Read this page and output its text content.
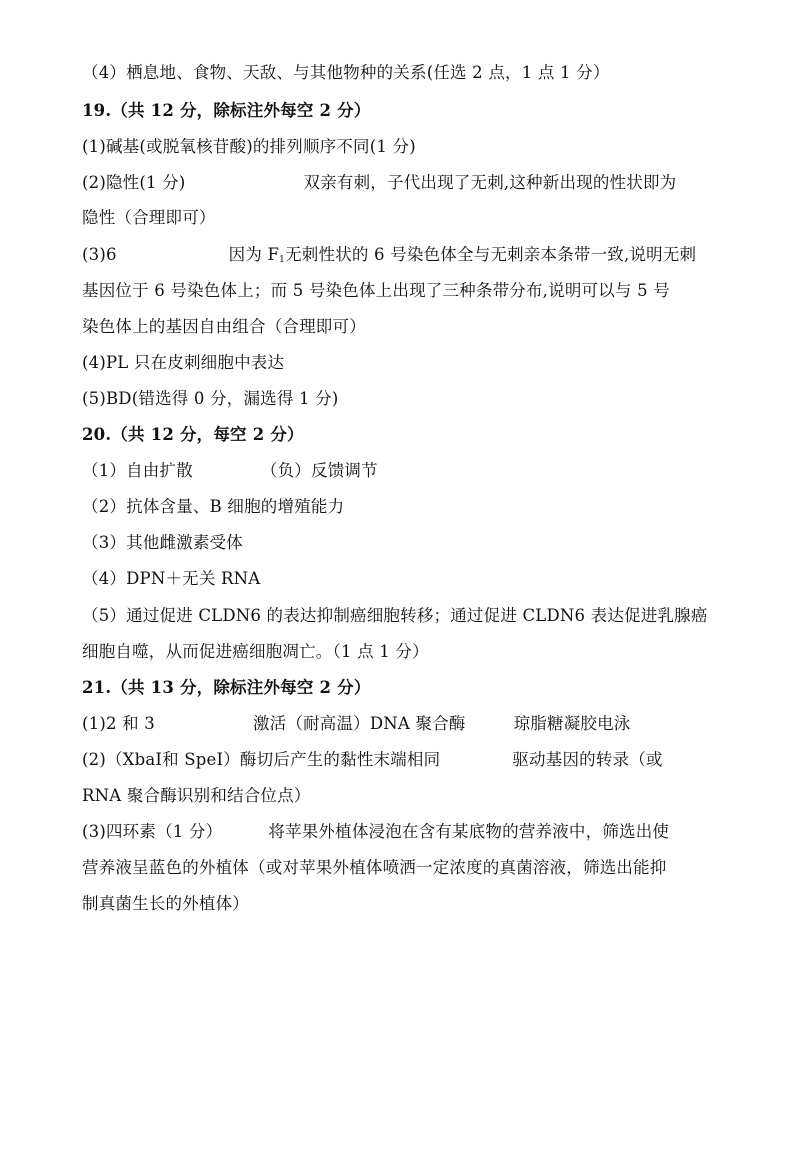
（4）栖息地、食物、天敌、与其他物种的关系(任选 2 点，1 点 1 分）
19.（共 12 分，除标注外每空 2 分）
(1)碱基(或脱氧核苷酸)的排列顺序不同(1 分)
(2)隐性(1 分)	双亲有刺，子代出现了无刺,这种新出现的性状即为
隐性（合理即可）
(3)6	因为 $F_1$无刺性状的 6 号染色体全与无刺亲本条带一致,说明无刺
基因位于 6 号染色体上；而 5 号染色体上出现了三种条带分布,说明可以与 5 号
染色体上的基因自由组合（合理即可）
(4)PL 只在皮刺细胞中表达
(5)BD(错选得 0 分，漏选得 1 分)
20.（共 12 分，每空 2 分）
（1）自由扩散	（负）反馈调节
（2）抗体含量、B 细胞的增殖能力
（3）其他雌激素受体
（4）DPN＋无关 RNA
（5）通过促进 CLDN6 的表达抑制癌细胞转移；通过促进 CLDN6 表达促进乳腺癌
细胞自噬，从而促进癌细胞凋亡。（1 点 1 分）
21.（共 13 分，除标注外每空 2 分）
(1)2 和 3	激活（耐高温）DNA 聚合酶	琼脂糖凝胶电泳
(2)（XbaⅠ和 SpeⅠ）酶切后产生的黏性末端相同	驱动基因的转录（或
RNA 聚合酶识别和结合位点）
(3)四环素（1 分）	将苹果外植体浸泡在含有某底物的营养液中，筛选出使
营养液呈蓝色的外植体（或对苹果外植体喷洒一定浓度的真菌溶液，筛选出能抑
制真菌生长的外植体）
